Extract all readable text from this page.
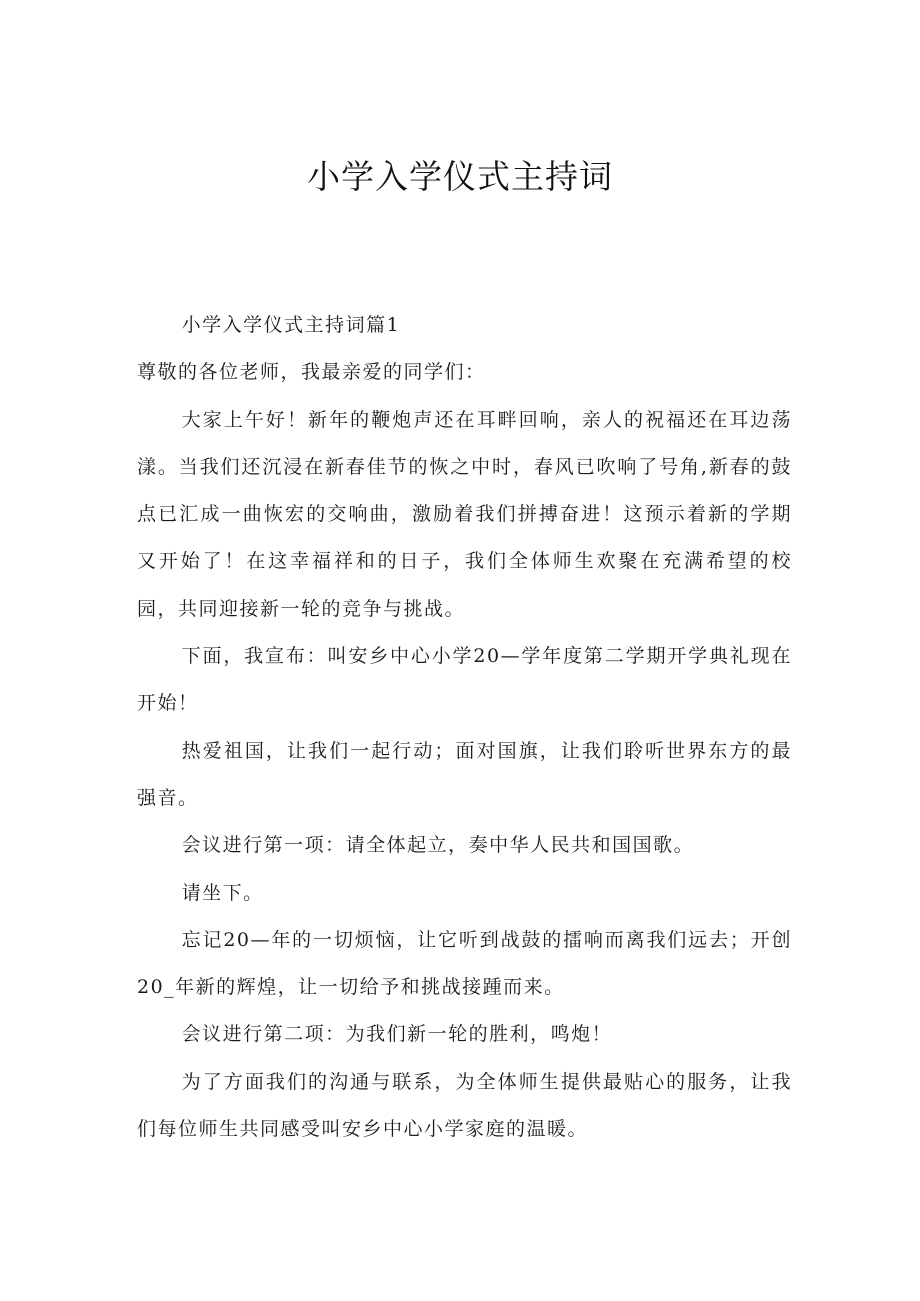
小学入学仪式主持词

小学入学仪式主持词篇1

尊敬的各位老师，我最亲爱的同学们：

大家上午好！新年的鞭炮声还在耳畔回响，亲人的祝福还在耳边荡漾。当我们还沉浸在新春佳节的恢之中时，春风已吹响了号角,新春的鼓点已汇成一曲恢宏的交响曲，激励着我们拼搏奋进！这预示着新的学期又开始了！在这幸福祥和的日子，我们全体师生欢聚在充满希望的校园，共同迎接新一轮的竞争与挑战。

下面，我宣布：叫安乡中心小学20—学年度第二学期开学典礼现在开始！

热爱祖国，让我们一起行动；面对国旗，让我们聆听世界东方的最强音。

会议进行第一项：请全体起立，奏中华人民共和国国歌。

请坐下。

忘记20—年的一切烦恼，让它听到战鼓的擂响而离我们远去；开创20_年新的辉煌，让一切给予和挑战接踵而来。

会议进行第二项：为我们新一轮的胜利，鸣炮！

为了方面我们的沟通与联系，为全体师生提供最贴心的服务，让我们每位师生共同感受叫安乡中心小学家庭的温暖。
